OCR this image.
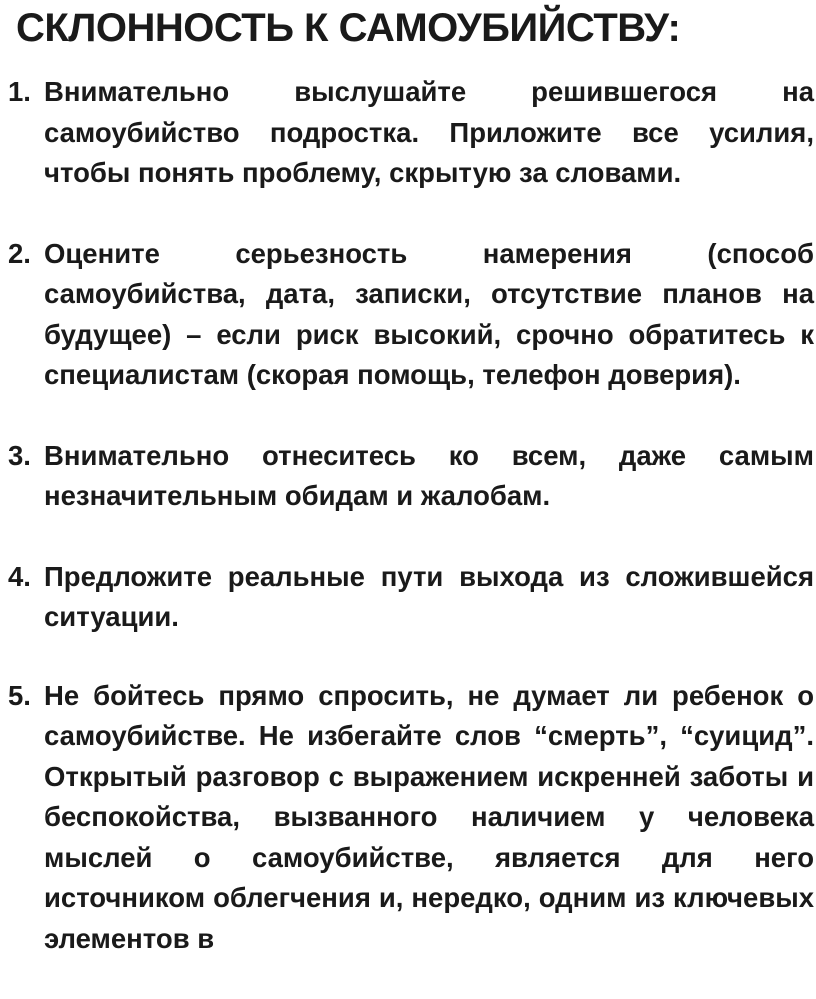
СКЛОННОСТЬ К САМОУБИЙСТВУ:
1. Внимательно выслушайте решившегося на самоубийство подростка. Приложите все усилия, чтобы понять проблему, скрытую за словами.
2. Оцените серьезность намерения (способ самоубийства, дата, записки, отсутствие планов на будущее) – если риск высокий, срочно обратитесь к специалистам (скорая помощь, телефон доверия).
3. Внимательно отнеситесь ко всем, даже самым незначительным обидам и жалобам.
4. Предложите реальные пути выхода из сложившейся ситуации.
5. Не бойтесь прямо спросить, не думает ли ребенок о самоубийстве. Не избегайте слов “смерть”, “суицид”. Открытый разговор с выражением искренней заботы и беспокойства, вызванного наличием у человека мыслей о самоубийстве, является для него источником облегчения и, нередко, одним из ключевых элементов в
